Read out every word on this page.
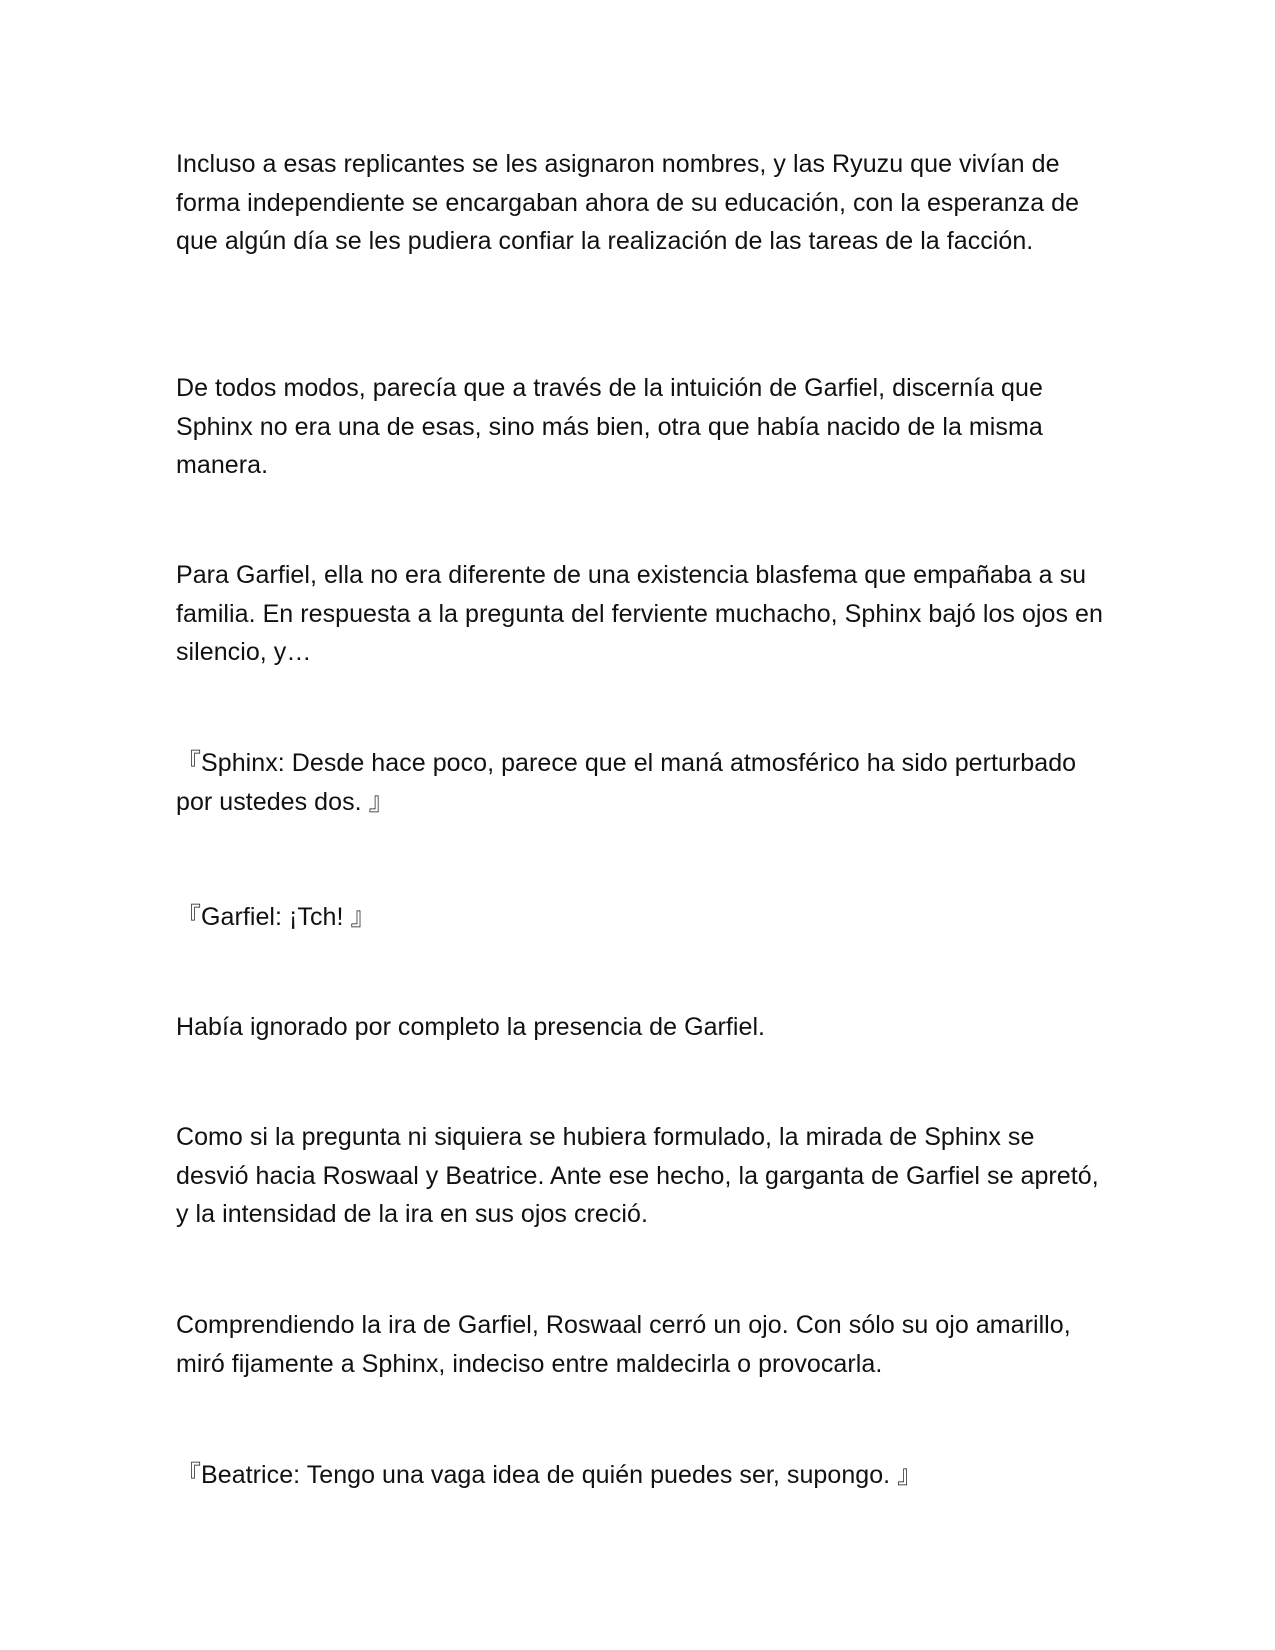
Incluso a esas replicantes se les asignaron nombres, y las Ryuzu que vivían de forma independiente se encargaban ahora de su educación, con la esperanza de que algún día se les pudiera confiar la realización de las tareas de la facción.

De todos modos, parecía que a través de la intuición de Garfiel, discernía que Sphinx no era una de esas, sino más bien, otra que había nacido de la misma manera.

Para Garfiel, ella no era diferente de una existencia blasfema que empañaba a su familia. En respuesta a la pregunta del ferviente muchacho, Sphinx bajó los ojos en silencio, y…

『Sphinx: Desde hace poco, parece que el maná atmosférico ha sido perturbado por ustedes dos. 』

『Garfiel: ¡Tch! 』

Había ignorado por completo la presencia de Garfiel.

Como si la pregunta ni siquiera se hubiera formulado, la mirada de Sphinx se desvió hacia Roswaal y Beatrice. Ante ese hecho, la garganta de Garfiel se apretó, y la intensidad de la ira en sus ojos creció.

Comprendiendo la ira de Garfiel, Roswaal cerró un ojo. Con sólo su ojo amarillo, miró fijamente a Sphinx, indeciso entre maldecirla o provocarla.

『Beatrice: Tengo una vaga idea de quién puedes ser, supongo. 』
